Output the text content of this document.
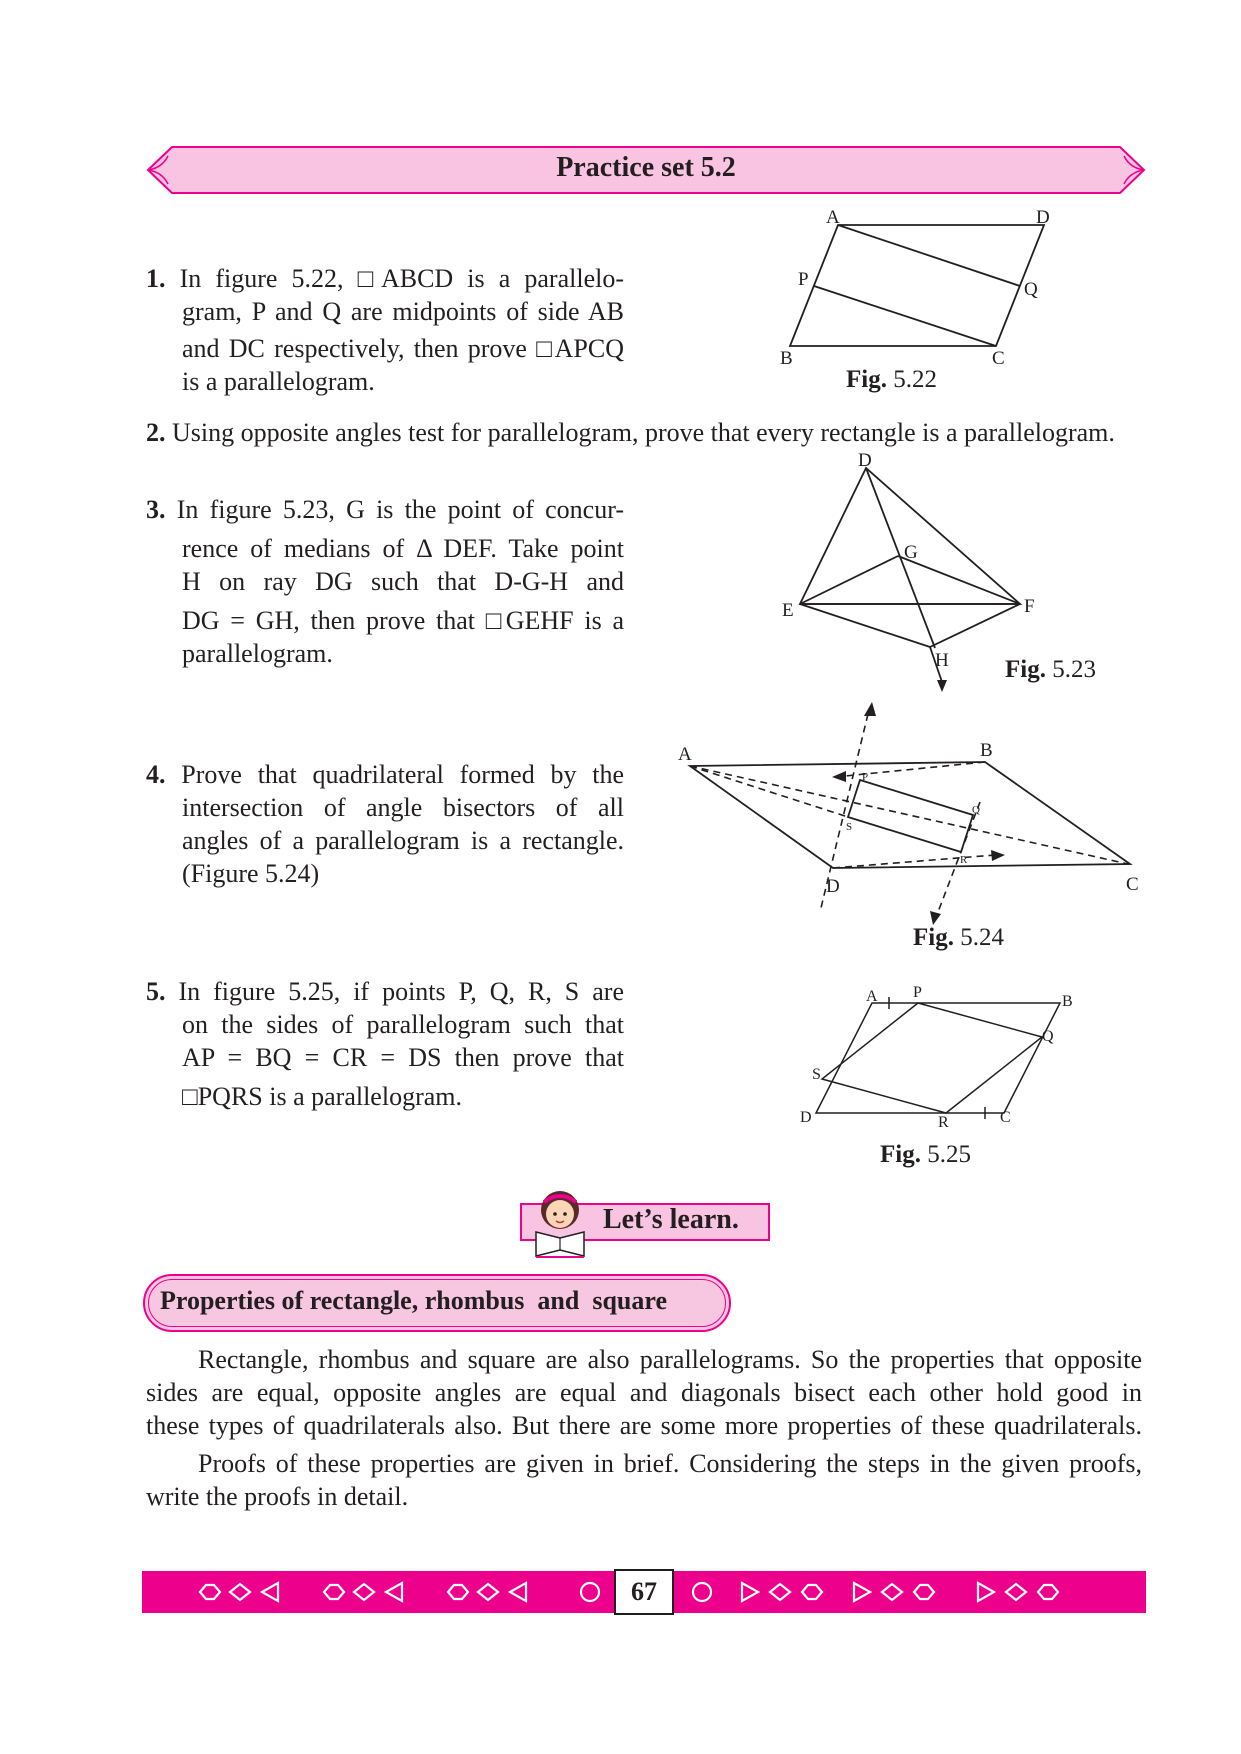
Practice set 5.2
1. In figure 5.22, □ABCD is a parallelo-
gram, P and Q are midpoints of side AB
and DC respectively, then prove □APCQ
is a parallelogram.
A	D
P	Q
B	C
Fig. 5.22
2. Using opposite angles test for parallelogram, prove that every rectangle is a parallelogram.
3. In figure 5.23, G is the point of concur-
rence of medians of Δ DEF. Take point
H on ray DG such that D-G-H and
DG = GH, then prove that □GEHF is a
parallelogram.
D
G
E	F
H Fig. 5.23
4. Prove that quadrilateral formed by the
intersection of angle bisectors of all
angles of a parallelogram is a rectangle.
(Figure 5.24)
A	B
C
D
P
Q
R
S
Fig. 5.24
5. In figure 5.25, if points P, Q, R, S are
on the sides of parallelogram such that
AP = BQ = CR = DS then prove that
□PQRS is a parallelogram.
A P
B
Q
S
D	R	C
Fig. 5.25
Let’s learn.
Properties of rectangle, rhombus  and  square
Rectangle, rhombus and square are also parallelograms. So the properties that opposite
sides are equal, opposite angles are equal and diagonals bisect each other hold good in
these types of quadrilaterals also. But there are some more properties of these quadrilaterals.
Proofs of these properties are given in brief. Considering the steps in the given proofs,
write the proofs in detail.
67
